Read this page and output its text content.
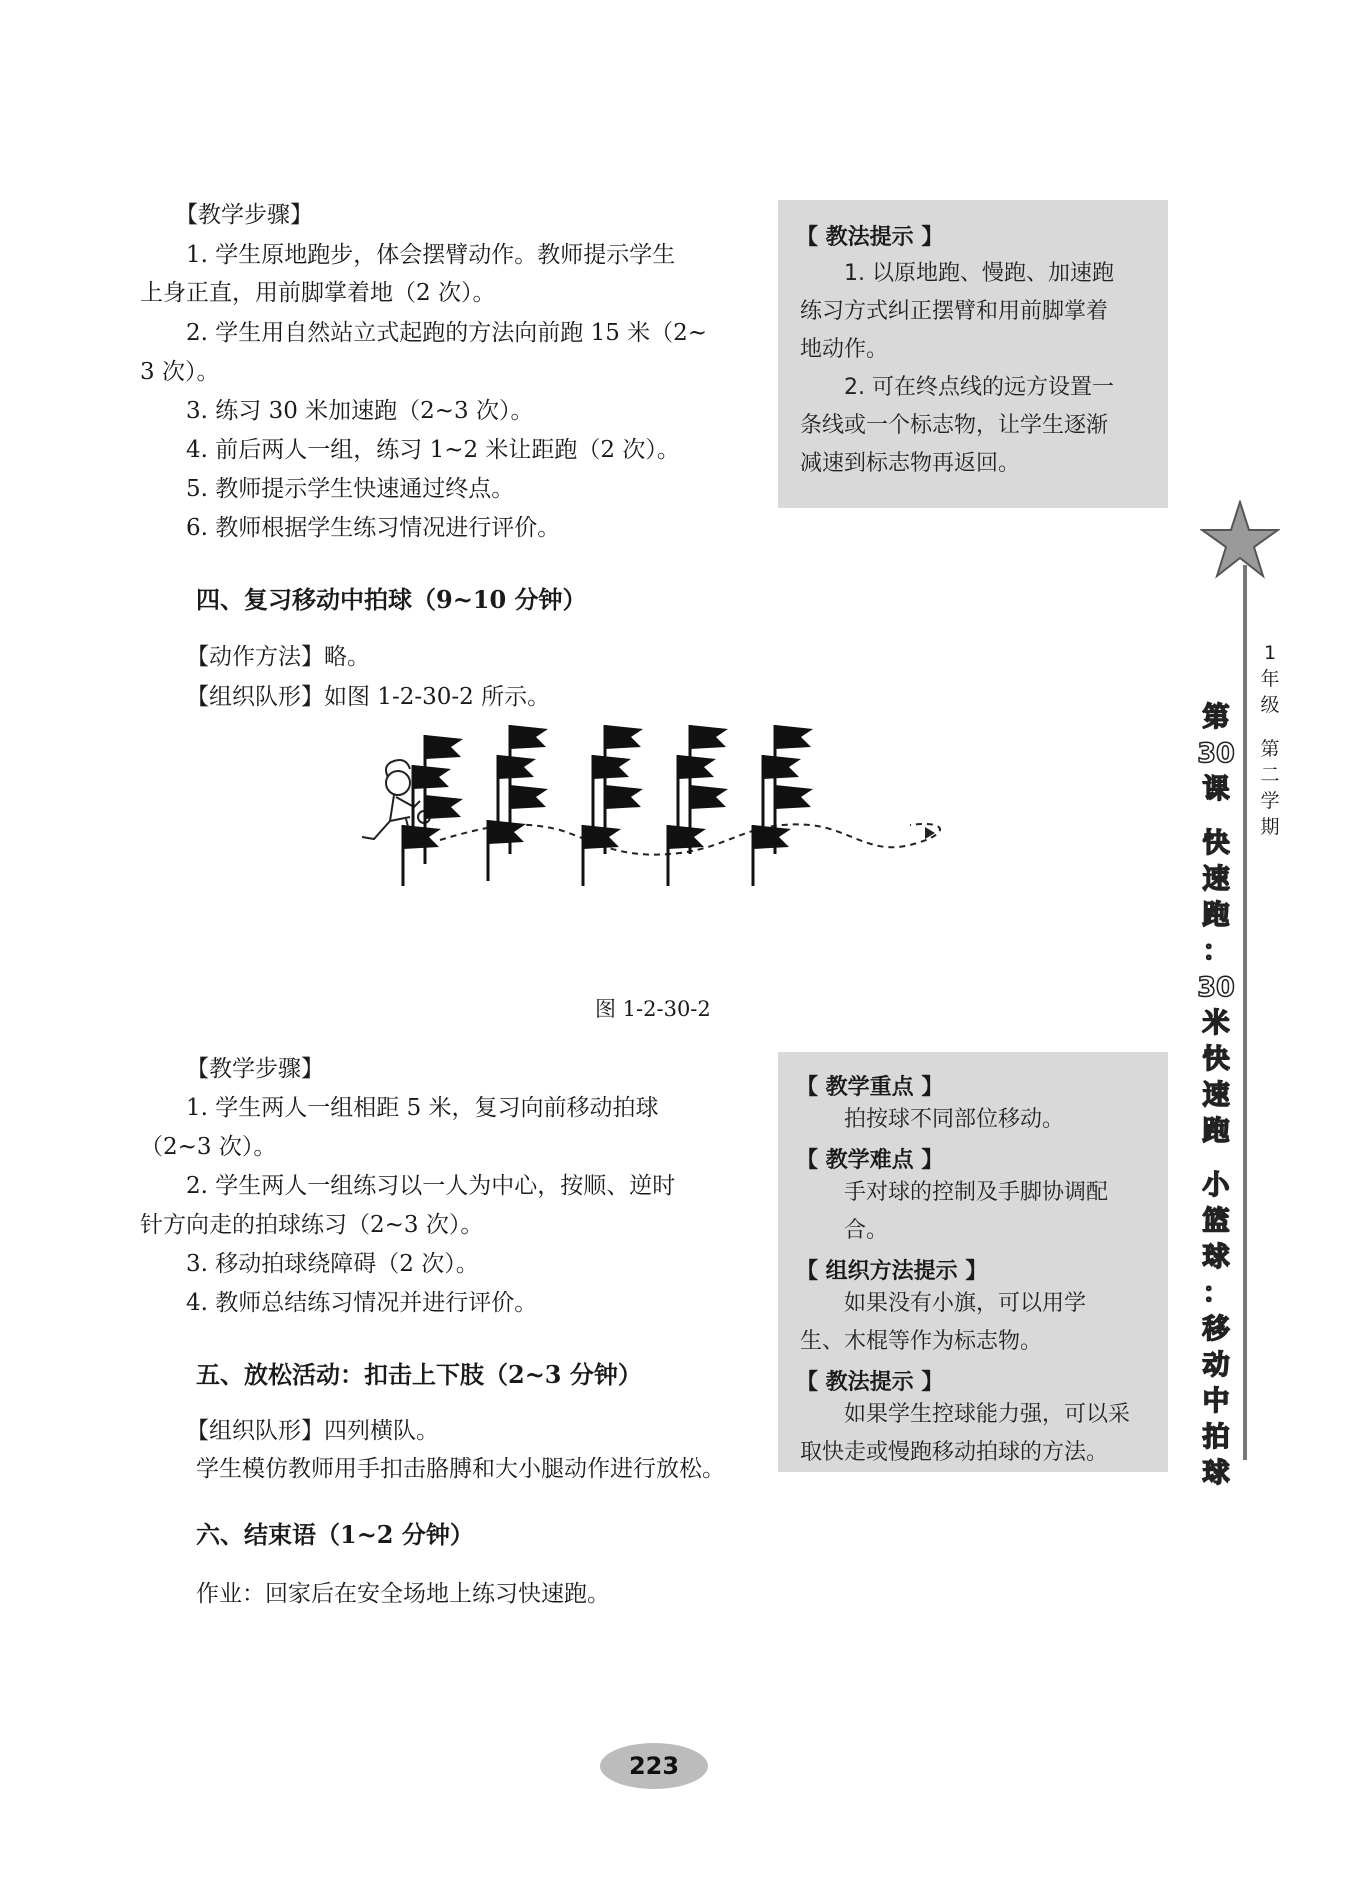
【教学步骤】
1. 学生原地跑步，体会摆臂动作。教师提示学生
上身正直，用前脚掌着地（2 次）。
2. 学生用自然站立式起跑的方法向前跑 15 米（2~
3 次）。
3. 练习 30 米加速跑（2~3 次）。
4. 前后两人一组，练习 1~2 米让距跑（2 次）。
5. 教师提示学生快速通过终点。
6. 教师根据学生练习情况进行评价。

【 教法提示 】

1. 以原地跑、慢跑、加速跑

练习方式纠正摆臂和用前脚掌着

地动作。

2. 可在终点线的远方设置一

条线或一个标志物，让学生逐渐

减速到标志物再返回。

四、复习移动中拍球（9~10 分钟）
【动作方法】略。
【组织队形】如图 1-2-30-2 所示。
图 1-2-30-2
【教学步骤】
1. 学生两人一组相距 5 米，复习向前移动拍球
（2~3 次）。
2. 学生两人一组练习以一人为中心，按顺、逆时
针方向走的拍球练习（2~3 次）。
3. 移动拍球绕障碍（2 次）。
4. 教师总结练习情况并进行评价。

【 教学重点 】

拍按球不同部位移动。

【 教学难点 】

手对球的控制及手脚协调配合。

【 组织方法提示 】

如果没有小旗，可以用学

生、木棍等作为标志物。

【 教法提示 】

如果学生控球能力强，可以采

取快走或慢跑移动拍球的方法。

五、放松活动：扣击上下肢（2~3 分钟）
【组织队形】四列横队。
学生模仿教师用手扣击胳膊和大小腿动作进行放松。
六、结束语（1~2 分钟）
作业：回家后在安全场地上练习快速跑。
1
年
级
第
二
学
期
第
30
课
快
速
跑
：
30
米
快
速
跑
小
篮
球
：
移
动
中
拍
球
223
